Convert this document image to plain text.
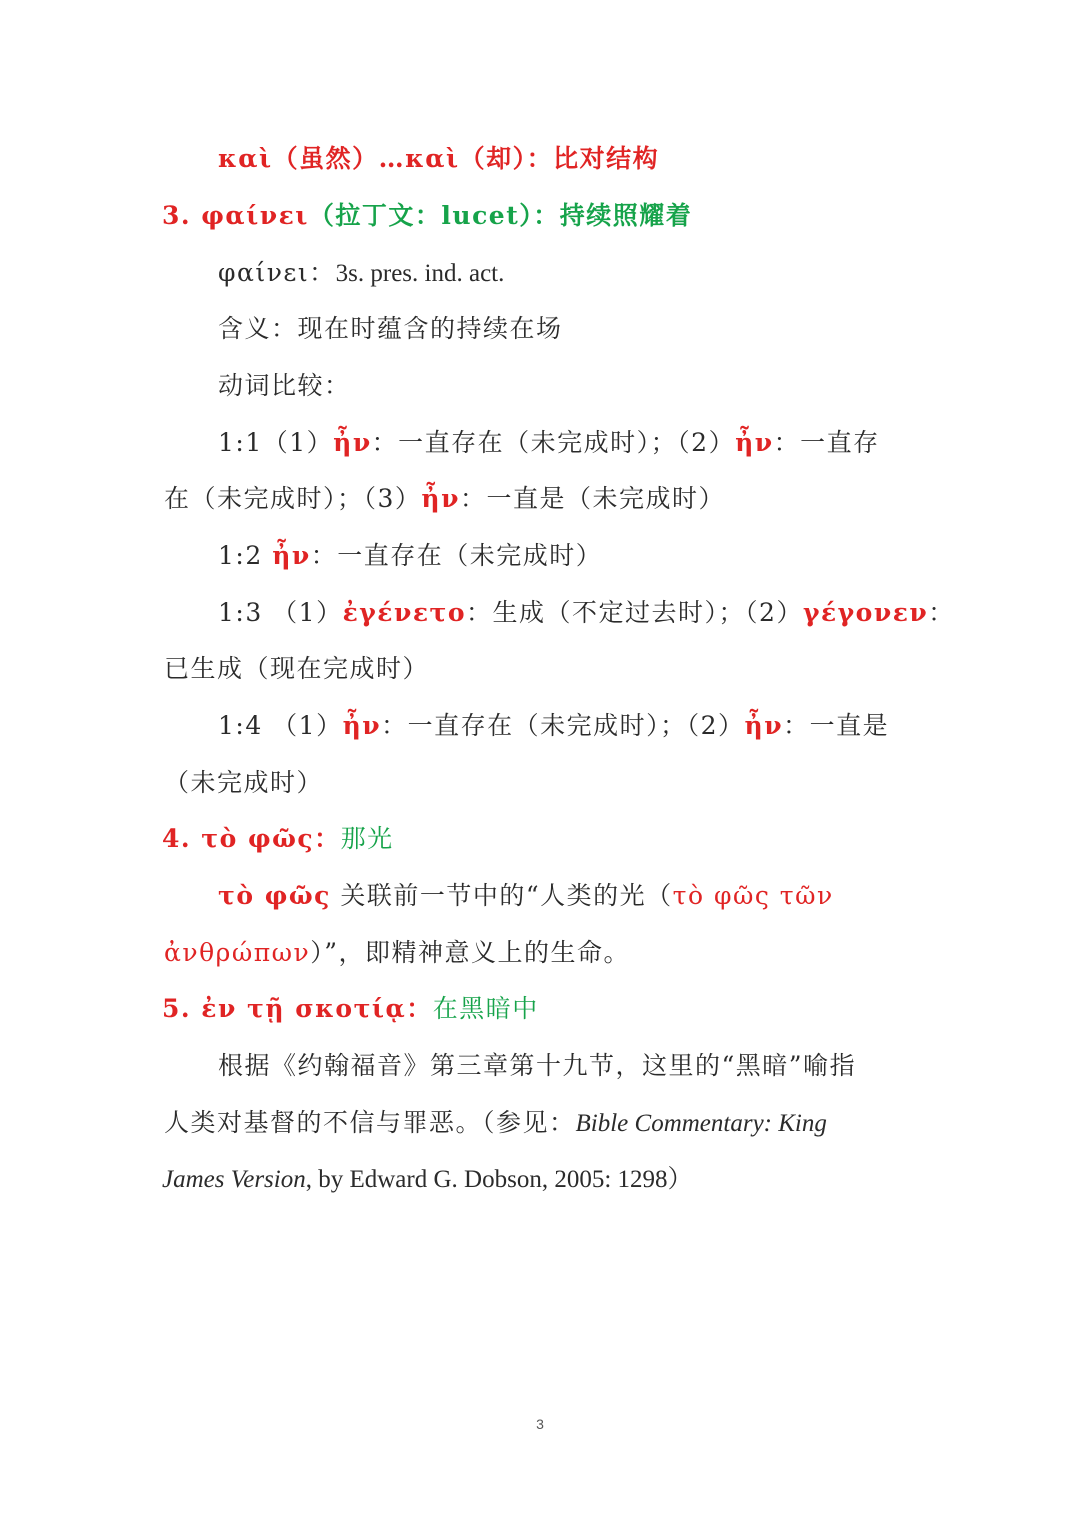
καὶ（虽然）…καὶ（却）：比对结构
3. φαίνει（拉丁文：lucet）：持续照耀着
φαίνει：3s. pres. ind. act.
含义：现在时蕴含的持续在场
动词比较：
1:1（1）ἦν：一直存在（未完成时）；（2）ἦν：一直存
在（未完成时）；（3）ἦν：一直是（未完成时）
1:2 ἦν：一直存在（未完成时）
1:3 （1）ἐγένετο：生成（不定过去时）；（2）γέγονεν：
已生成（现在完成时）
1:4 （1）ἦν：一直存在（未完成时）；（2）ἦν：一直是
（未完成时）
4. τὸ φῶς：那光
τὸ φῶς 关联前一节中的“人类的光（τὸ φῶς τῶν
ἀνθρώπων）”，即精神意义上的生命。
5. ἐν τῇ σκοτίᾳ：在黑暗中
根据《约翰福音》第三章第十九节，这里的“黑暗”喻指
人类对基督的不信与罪恶。（参见：Bible Commentary: King
James Version, by Edward G. Dobson, 2005: 1298）
3
